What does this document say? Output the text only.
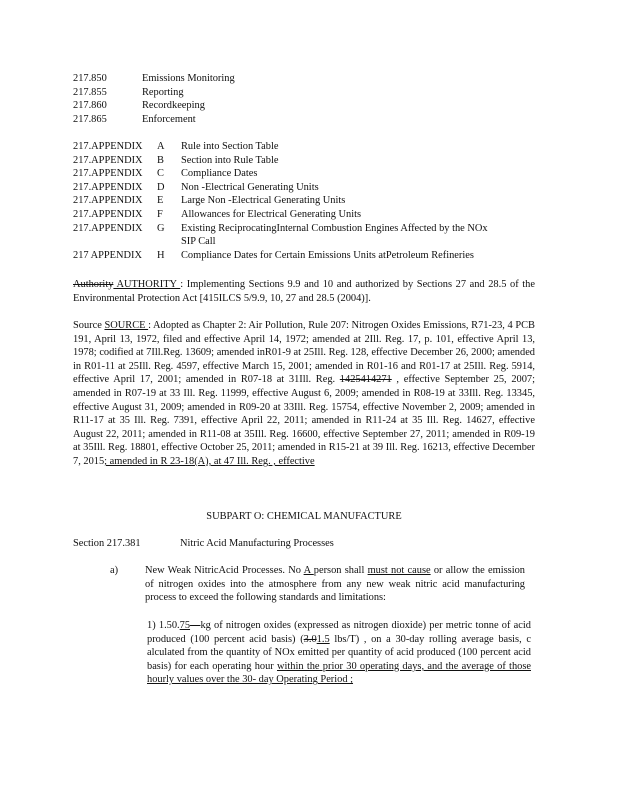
217.850	Emissions Monitoring
217.855	Reporting
217.860	Recordkeeping
217.865	Enforcement
217.APPENDIX	A	Rule into Section Table
217.APPENDIX	B	Section into Rule Table
217.APPENDIX	C	Compliance Dates
217.APPENDIX	D	Non -Electrical Generating Units
217.APPENDIX	E	Large Non -Electrical Generating Units
217.APPENDIX	F	Allowances for Electrical Generating Units
217.APPENDIX	G	Existing ReciprocatingInternal Combustion Engines Affected by the NOx
SIP Call
217 APPENDIX	H	Compliance Dates for Certain Emissions Units atPetroleum Refineries

Authority AUTHORITY : Implementing Sections 9.9 and 10 and authorized by Sections 27 and 28.5 of the Environmental Protection Act [415ILCS 5/9.9, 10, 27 and 28.5 (2004)].

Source SOURCE : Adopted as Chapter 2: Air Pollution, Rule 207: Nitrogen Oxides Emissions, R71-23, 4 PCB 191, April 13, 1972, filed and effective April 14, 1972; amended at 2Ill. Reg. 17, p. 101, effective April 13, 1978; codified at 7Ill.Reg. 13609; amended inR01-9 at 25Ill. Reg. 128, effective December 26, 2000; amended in R01-11 at 25Ill. Reg. 4597, effective March 15, 2001; amended in R01-16 and R01-17 at 25Ill. Reg. 5914, effective April 17, 2001; amended in R07-18 at 31Ill. Reg. 1425414271 , effective September 25, 2007; amended in R07-19 at 33 Ill. Reg. 11999, effective August 6, 2009; amended in R08-19 at 33Ill. Reg. 13345, effective August 31, 2009; amended in R09-20 at 33Ill. Reg. 15754, effective November 2, 2009; amended in R11-17 at 35 Ill. Reg. 7391, effective April 22, 2011; amended in R11-24 at 35 Ill. Reg. 14627, effective August 22, 2011; amended in R11-08 at 35Ill. Reg. 16600, effective September 27, 2011; amended in R09-19 at 35Ill. Reg. 18801, effective October 25, 2011; amended in R15-21 at 39 Ill. Reg. 16213, effective December 7, 2015; amended in R 23-18(A), at 47 Ill. Reg. , effective

SUBPART O: CHEMICAL MANUFACTURE
Section 217.381	Nitric Acid Manufacturing Processes
a)	New Weak NitricAcid Processes. No A person shall must not cause or allow the emission of nitrogen oxides into the atmosphere from any new weak nitric acid manufacturing process to exceed the following standards and limitations:

1) 1.50.75—kg of nitrogen oxides (expressed as nitrogen dioxide) per metric tonne of acid produced (100 percent acid basis) (3.01.5 lbs/T) , on a 30-day rolling average basis, c alculated from the quantity of NOx emitted per quantity of acid produced (100 percent acid basis) for each operating hour within the prior 30 operating days, and the average of those hourly values over the 30- day Operating Period ;
